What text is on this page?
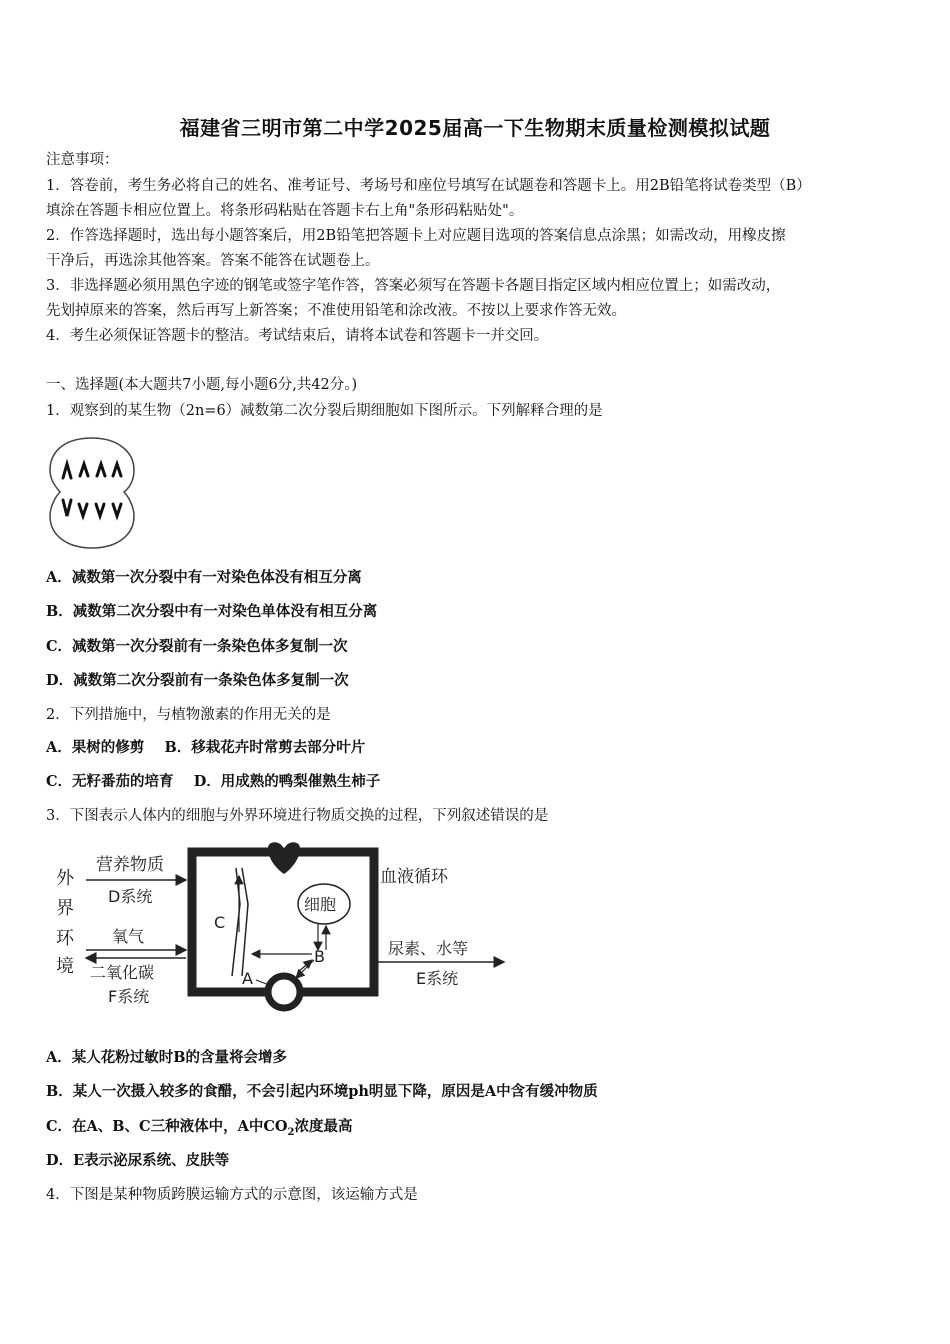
福建省三明市第二中学2025届高一下生物期末质量检测模拟试题
注意事项：
1．答卷前，考生务必将自己的姓名、准考证号、考场号和座位号填写在试题卷和答题卡上。用2B铅笔将试卷类型（B）
填涂在答题卡相应位置上。将条形码粘贴在答题卡右上角"条形码粘贴处"。
2．作答选择题时，选出每小题答案后，用2B铅笔把答题卡上对应题目选项的答案信息点涂黑；如需改动，用橡皮擦
干净后，再选涂其他答案。答案不能答在试题卷上。
3．非选择题必须用黑色字迹的钢笔或签字笔作答，答案必须写在答题卡各题目指定区域内相应位置上；如需改动，
先划掉原来的答案，然后再写上新答案；不准使用铅笔和涂改液。不按以上要求作答无效。
4．考生必须保证答题卡的整洁。考试结束后，请将本试卷和答题卡一并交回。
一、选择题(本大题共7小题,每小题6分,共42分。)
1．观察到的某生物（2n=6）减数第二次分裂后期细胞如下图所示。下列解释合理的是
A．减数第一次分裂中有一对染色体没有相互分离
B．减数第二次分裂中有一对染色单体没有相互分离
C．减数第一次分裂前有一条染色体多复制一次
D．减数第二次分裂前有一条染色体多复制一次
2．下列措施中，与植物激素的作用无关的是
A．果树的修剪    B．移栽花卉时常剪去部分叶片
C．无籽番茄的培育    D．用成熟的鸭梨催熟生柿子
3．下图表示人体内的细胞与外界环境进行物质交换的过程，下列叙述错误的是
外
界
环
境
营养物质
D系统
氧气
二氧化碳
F系统
血液循环
C
细胞
B
A
尿素、水等
E系统
A．某人花粉过敏时B的含量将会增多
B．某人一次摄入较多的食醋，不会引起内环境ph明显下降，原因是A中含有缓冲物质
C．在A、B、C三种液体中，A中$CO_2$浓度最高
D．E表示泌尿系统、皮肤等
4．下图是某种物质跨膜运输方式的示意图，该运输方式是
